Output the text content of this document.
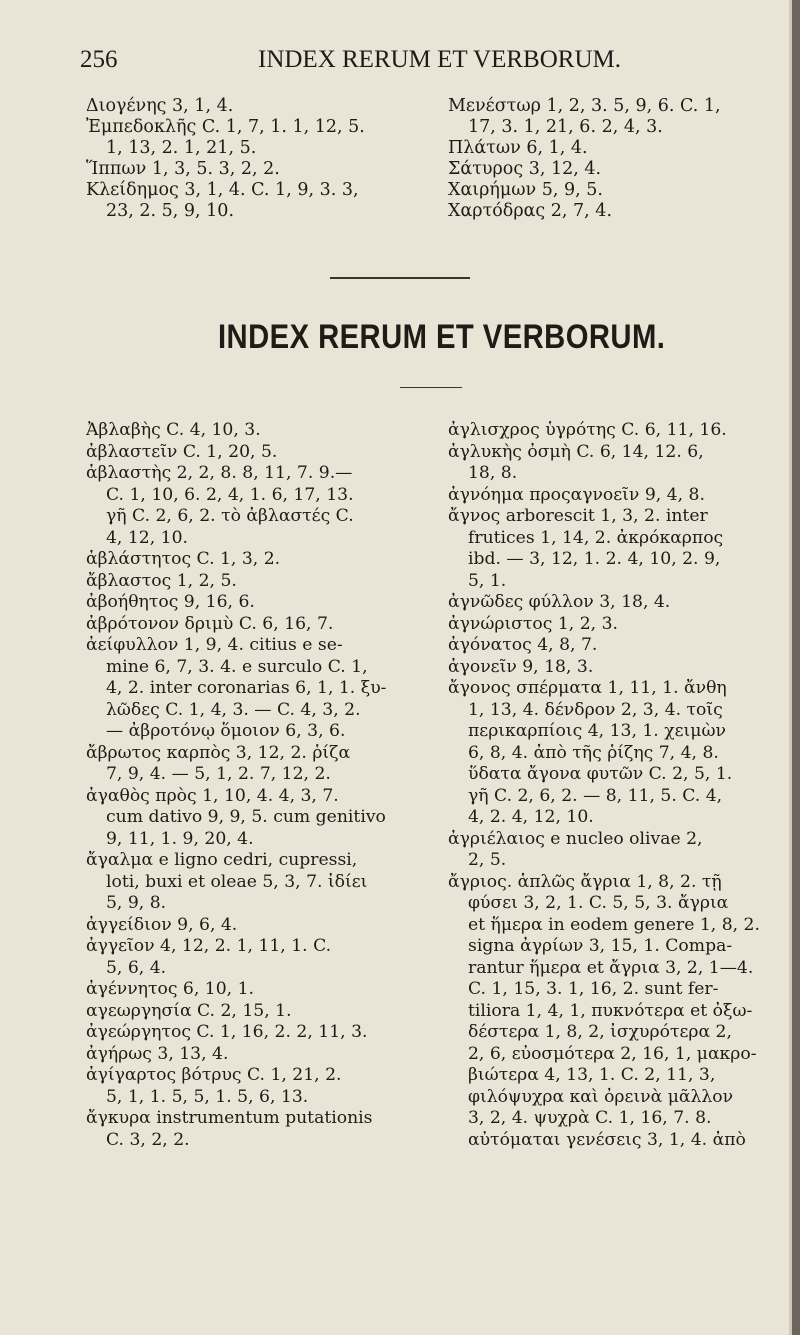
256	INDEX RERUM ET VERBORUM.
Διογένης 3, 1, 4.
Ἐμπεδοκλῆς C. 1, 7, 1. 1, 12, 5.
1, 13, 2. 1, 21, 5.
Ἵππων 1, 3, 5. 3, 2, 2.
Κλείδημος 3, 1, 4. C. 1, 9, 3. 3,
23, 2. 5, 9, 10.
Μενέστωρ 1, 2, 3. 5, 9, 6. C. 1,
17, 3. 1, 21, 6. 2, 4, 3.
Πλάτων 6, 1, 4.
Σάτυρος 3, 12, 4.
Χαιρήμων 5, 9, 5.
Χαρτόδρας 2, 7, 4.
INDEX RERUM ET VERBORUM.
Ἀβλαβὴς C. 4, 10, 3.
ἀβλαστεῖν C. 1, 20, 5.
ἀβλαστὴς 2, 2, 8. 8, 11, 7. 9.—
C. 1, 10, 6. 2, 4, 1. 6, 17, 13.
γῆ C. 2, 6, 2. τὸ ἀβλαστές C.
4, 12, 10.
ἀβλάστητος C. 1, 3, 2.
ἄβλαστος 1, 2, 5.
ἀβοήθητος 9, 16, 6.
ἀβρότονον δριμὺ C. 6, 16, 7.
ἀείφυλλον 1, 9, 4. citius e se-
mine 6, 7, 3. 4. e surculo C. 1,
4, 2. inter coronarias 6, 1, 1. ξυ-
λῶδες C. 1, 4, 3. — C. 4, 3, 2.
— ἀβροτόνῳ ὅμοιον 6, 3, 6.
ἄβρωτος καρπὸς 3, 12, 2. ῥίζα
7, 9, 4. — 5, 1, 2. 7, 12, 2.
ἀγαθὸς πρὸς 1, 10, 4. 4, 3, 7.
cum dativo 9, 9, 5. cum genitivo
9, 11, 1. 9, 20, 4.
ἄγαλμα e ligno cedri, cupressi,
loti, buxi et oleae 5, 3, 7. ἰδίει
5, 9, 8.
ἀγγείδιον 9, 6, 4.
ἀγγεῖον 4, 12, 2. 1, 11, 1. C.
5, 6, 4.
ἀγέννητος 6, 10, 1.
αγεωργησία C. 2, 15, 1.
ἀγεώργητος C. 1, 16, 2. 2, 11, 3.
ἀγήρως 3, 13, 4.
ἀγίγαρτος βότρυς C. 1, 21, 2.
5, 1, 1. 5, 5, 1. 5, 6, 13.
ἄγκυρα instrumentum putationis
C. 3, 2, 2.
ἀγλισχρος ὑγρότης C. 6, 11, 16.
ἀγλυκὴς ὀσμὴ C. 6, 14, 12. 6,
18, 8.
ἀγνόημα προςαγνοεῖν 9, 4, 8.
ἄγνος arborescit 1, 3, 2. inter
frutices 1, 14, 2. ἀκρόκαρπος
ibd. — 3, 12, 1. 2. 4, 10, 2. 9,
5, 1.
ἀγνῶδες φύλλον 3, 18, 4.
ἀγνώριστος 1, 2, 3.
ἀγόνατος 4, 8, 7.
ἀγονεῖν 9, 18, 3.
ἄγονος σπέρματα 1, 11, 1. ἄνθη
1, 13, 4. δένδρον 2, 3, 4. τοῖς
περικαρπίοις 4, 13, 1. χειμὼν
6, 8, 4. ἀπὸ τῆς ῥίζης 7, 4, 8.
ὕδατα ἄγονα φυτῶν C. 2, 5, 1.
γῆ C. 2, 6, 2. — 8, 11, 5. C. 4,
4, 2. 4, 12, 10.
ἀγριέλαιος e nucleo olivae 2,
2, 5.
ἄγριος. ἁπλῶς ἄγρια 1, 8, 2. τῇ
φύσει 3, 2, 1. C. 5, 5, 3. ἄγρια
et ἥμερα in eodem genere 1, 8, 2.
signa ἀγρίων 3, 15, 1. Compa-
rantur ἥμερα et ἄγρια 3, 2, 1—4.
C. 1, 15, 3. 1, 16, 2. sunt fer-
tiliora 1, 4, 1, πυκνότερα et ὀξω-
δέστερα 1, 8, 2, ἰσχυρότερα 2,
2, 6, εὐοσμότερα 2, 16, 1, μακρο-
βιώτερα 4, 13, 1. C. 2, 11, 3,
φιλόψυχρα καὶ ὀρεινὰ μᾶλλον
3, 2, 4. ψυχρὰ C. 1, 16, 7. 8.
αὐτόμαται γενέσεις 3, 1, 4. ἀπὸ
